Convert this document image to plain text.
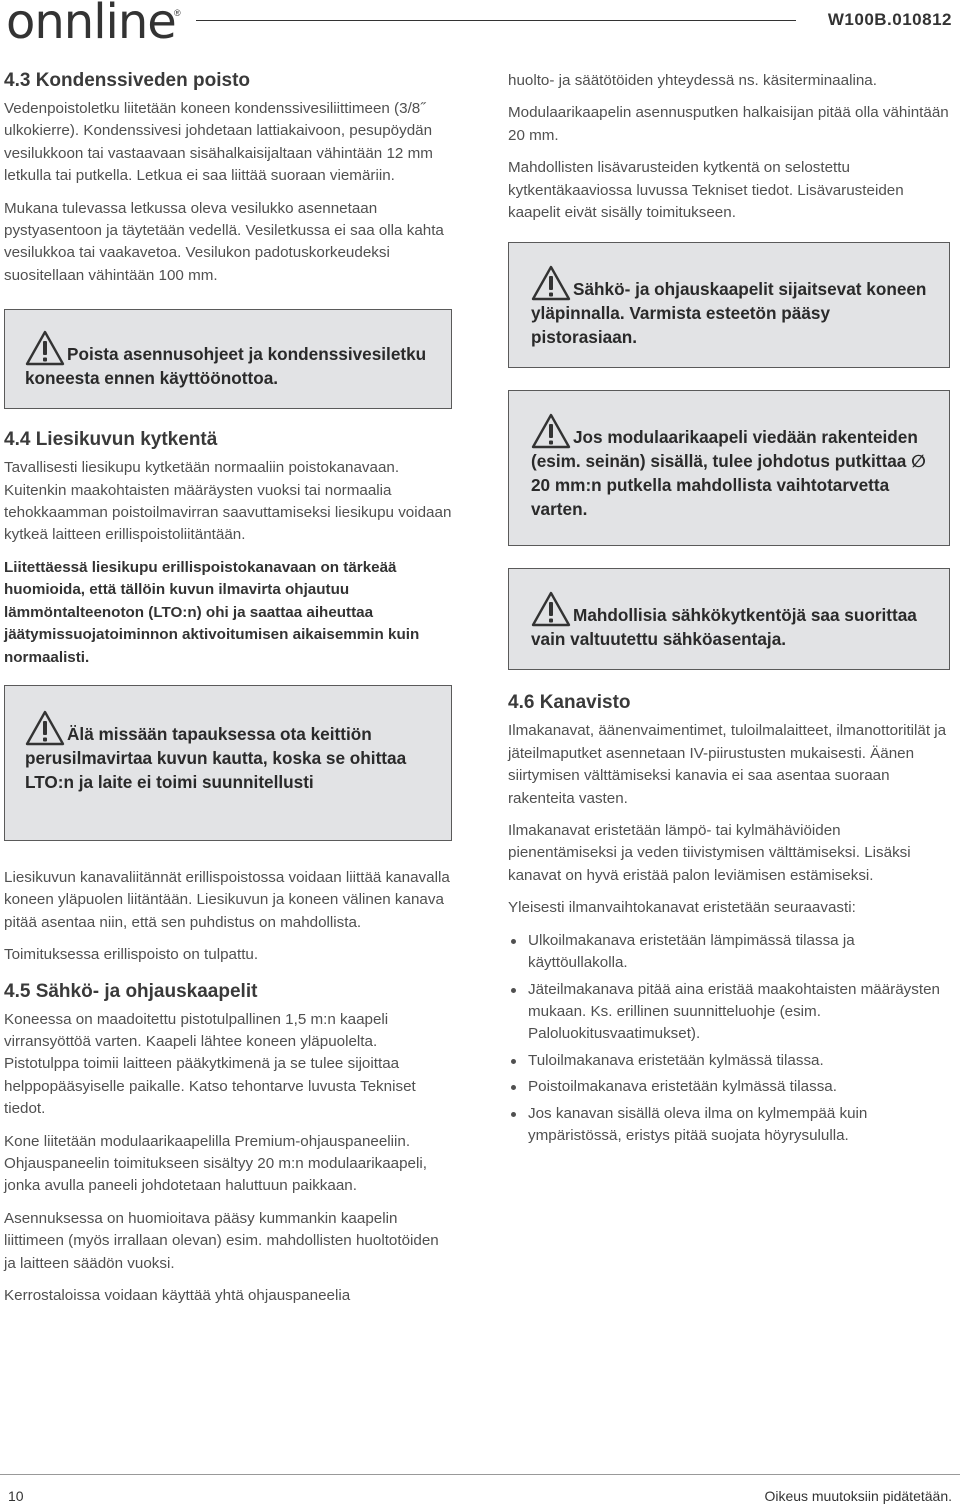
onnline
®	W100B.010812
4.3 Kondenssiveden poisto

Vedenpoistoletku liitetään koneen kondenssivesiliittimeen (3/8˝ ulkokierre). Kondenssivesi johdetaan lattiakaivoon, pesupöydän vesilukkoon tai vastaavaan sisähalkaisijaltaan vähintään 12 mm letkulla tai putkella. Letkua ei saa liittää suoraan viemäriin.

Mukana tulevassa letkussa oleva vesilukko asennetaan pystyasentoon ja täytetään vedellä. Vesiletkussa ei saa olla kahta vesilukkoa tai vaakavetoa. Vesilukon padotuskorkeudeksi suositellaan vähintään 100 mm.

Poista asennusohjeet ja kondenssivesiletku koneesta ennen käyttöönottoa.
4.4 Liesikuvun kytkentä

Tavallisesti liesikupu kytketään normaaliin poistokanavaan. Kuitenkin maakohtaisten määräysten vuoksi tai normaalia tehokkaamman poistoilmavirran saavuttamiseksi liesikupu voidaan kytkeä laitteen erillispoistoliitäntään.

Liitettäessä liesikupu erillispoistokanavaan on tärkeää huomioida, että tällöin kuvun ilmavirta ohjautuu lämmöntalteenoton (LTO:n) ohi ja saattaa aiheuttaa jäätymissuojatoiminnon aktivoitumisen aikaisemmin kuin normaalisti.

Älä missään tapauksessa ota keittiön perusilmavirtaa kuvun kautta, koska se ohittaa LTO:n ja laite ei toimi suunnitellusti

Liesikuvun kanavaliitännät erillispoistossa voidaan liittää kanavalla koneen yläpuolen liitäntään. Liesikuvun ja koneen välinen kanava pitää asentaa niin, että sen puhdistus on mahdollista.

Toimituksessa erillispoisto on tulpattu.

4.5 Sähkö- ja ohjauskaapelit

Koneessa on maadoitettu pistotulpallinen 1,5 m:n kaapeli virransyöttöä varten. Kaapeli lähtee koneen yläpuolelta. Pistotulppa toimii laitteen pääkytkimenä ja se tulee sijoittaa helppopääsyiselle paikalle. Katso tehontarve luvusta Tekniset tiedot.

Kone liitetään modulaarikaapelilla Premium-ohjauspaneeliin. Ohjauspaneelin toimitukseen sisältyy 20 m:n modulaarikaapeli, jonka avulla paneeli johdotetaan haluttuun paikkaan.

Asennuksessa on huomioitava pääsy kummankin kaapelin liittimeen (myös irrallaan olevan) esim. mahdollisten huoltotöiden ja laitteen säädön vuoksi.

Kerrostaloissa voidaan käyttää yhtä ohjauspaneelia

huolto- ja säätötöiden yhteydessä ns. käsiterminaalina.

Modulaarikaapelin asennusputken halkaisijan pitää olla vähintään 20 mm.

Mahdollisten lisävarusteiden kytkentä on selostettu kytkentäkaaviossa luvussa Tekniset tiedot. Lisävarusteiden kaapelit eivät sisälly toimitukseen.

Sähkö- ja ohjauskaapelit sijaitsevat koneen yläpinnalla. Varmista esteetön pääsy pistorasiaan.
Jos modulaarikaapeli viedään rakenteiden (esim. seinän) sisällä, tulee johdotus putkittaa ∅ 20 mm:n putkella mahdollista vaihtotarvetta varten.
Mahdollisia sähkökytkentöjä saa suorittaa vain valtuutettu sähköasentaja.
4.6 Kanavisto

Ilmakanavat, äänenvaimentimet, tuloilmalaitteet, ilmanottoritilät ja jäteilmaputket asennetaan IV-piirustusten mukaisesti. Äänen siirtymisen välttämiseksi kanavia ei saa asentaa suoraan rakenteita vasten.

Ilmakanavat eristetään lämpö- tai kylmähäviöiden pienentämiseksi ja veden tiivistymisen välttämiseksi. Lisäksi kanavat on hyvä eristää palon leviämisen estämiseksi.

Yleisesti ilmanvaihtokanavat eristetään seuraavasti:

Ulkoilmakanava eristetään lämpimässä tilassa ja käyttöullakolla.
Jäteilmakanava pitää aina eristää maakohtaisten määräysten mukaan. Ks. erillinen suunnitteluohje (esim. Paloluokitusvaatimukset).
Tuloilmakanava eristetään kylmässä tilassa.
Poistoilmakanava eristetään kylmässä tilassa.
Jos kanavan sisällä oleva ilma on kylmempää kuin ympäristössä, eristys pitää suojata höyrysululla.
10	Oikeus muutoksiin pidätetään.
